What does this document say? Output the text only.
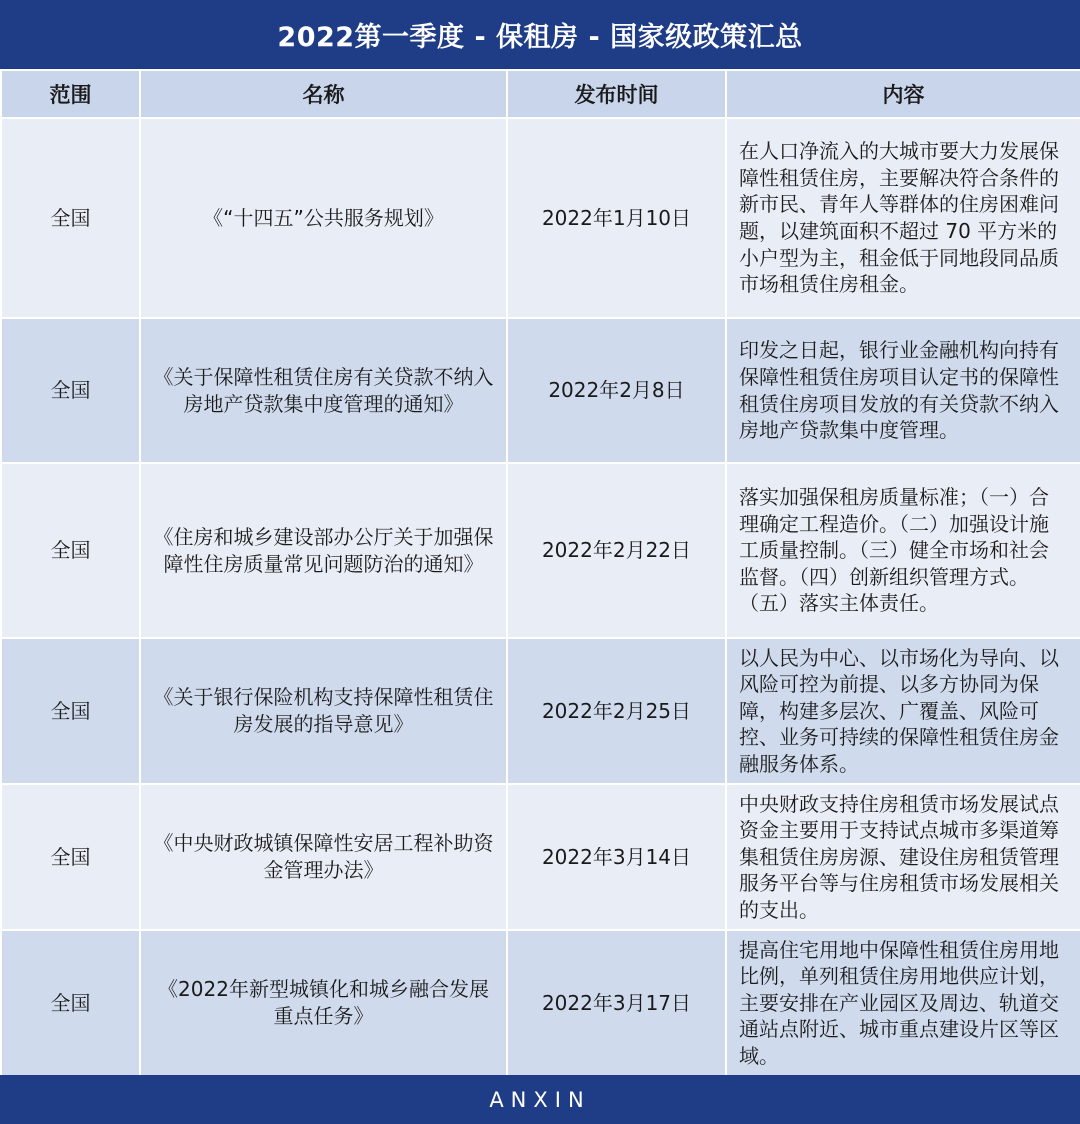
2022第一季度 - 保租房 - 国家级政策汇总
范围	名称	发布时间	内容
全国	《“十四五”公共服务规划》	2022年1月10日	在人口净流入的大城市要大力发展保障性租赁住房，主要解决符合条件的新市民、青年人等群体的住房困难问题，以建筑面积不超过 70 平方米的小户型为主，租金低于同地段同品质市场租赁住房租金。
全国	《关于保障性租赁住房有关贷款不纳入房地产贷款集中度管理的通知》	2022年2月8日	印发之日起，银行业金融机构向持有保障性租赁住房项目认定书的保障性租赁住房项目发放的有关贷款不纳入房地产贷款集中度管理。
全国	《住房和城乡建设部办公厅关于加强保障性住房质量常见问题防治的通知》	2022年2月22日	落实加强保租房质量标准；（一）合理确定工程造价。（二）加强设计施工质量控制。（三）健全市场和社会监督。（四）创新组织管理方式。（五）落实主体责任。
全国	《关于银行保险机构支持保障性租赁住房发展的指导意见》	2022年2月25日	以人民为中心、以市场化为导向、以风险可控为前提、以多方协同为保障，构建多层次、广覆盖、风险可控、业务可持续的保障性租赁住房金融服务体系。
全国	《中央财政城镇保障性安居工程补助资金管理办法》	2022年3月14日	中央财政支持住房租赁市场发展试点资金主要用于支持试点城市多渠道筹集租赁住房房源、建设住房租赁管理服务平台等与住房租赁市场发展相关的支出。
全国	《2022年新型城镇化和城乡融合发展重点任务》	2022年3月17日	提高住宅用地中保障性租赁住房用地比例，单列租赁住房用地供应计划，主要安排在产业园区及周边、轨道交通站点附近、城市重点建设片区等区域。
ANXIN
